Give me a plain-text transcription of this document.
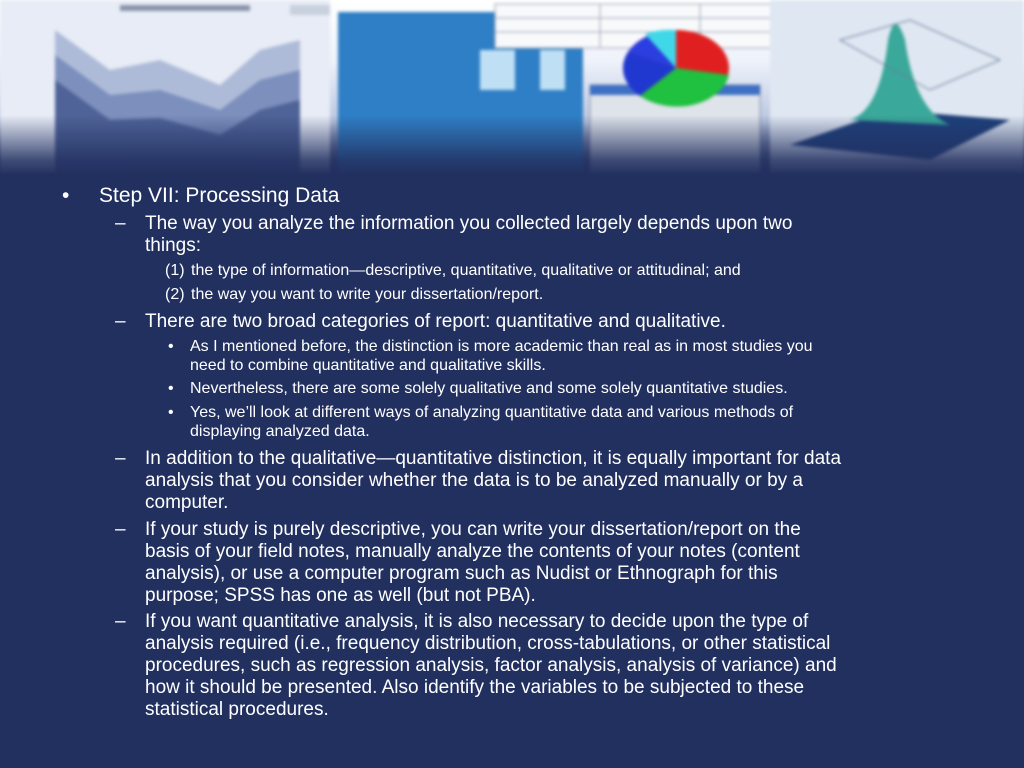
• Step VII: Processing Data
– The way you analyze the information you collected largely depends upon two
things:
(1) the type of information—descriptive, quantitative, qualitative or attitudinal; and
(2) the way you want to write your dissertation/report.
– There are two broad categories of report: quantitative and qualitative.
• As I mentioned before, the distinction is more academic than real as in most studies you
need to combine quantitative and qualitative skills.
• Nevertheless, there are some solely qualitative and some solely quantitative studies.
• Yes, we’ll look at different ways of analyzing quantitative data and various methods of
displaying analyzed data.
– In addition to the qualitative—quantitative distinction, it is equally important for data
analysis that you consider whether the data is to be analyzed manually or by a
computer.
– If your study is purely descriptive, you can write your dissertation/report on the
basis of your field notes, manually analyze the contents of your notes (content
analysis), or use a computer program such as Nudist or Ethnograph for this
purpose; SPSS has one as well (but not PBA).
– If you want quantitative analysis, it is also necessary to decide upon the type of
analysis required (i.e., frequency distribution, cross-tabulations, or other statistical
procedures, such as regression analysis, factor analysis, analysis of variance) and
how it should be presented. Also identify the variables to be subjected to these
statistical procedures.
